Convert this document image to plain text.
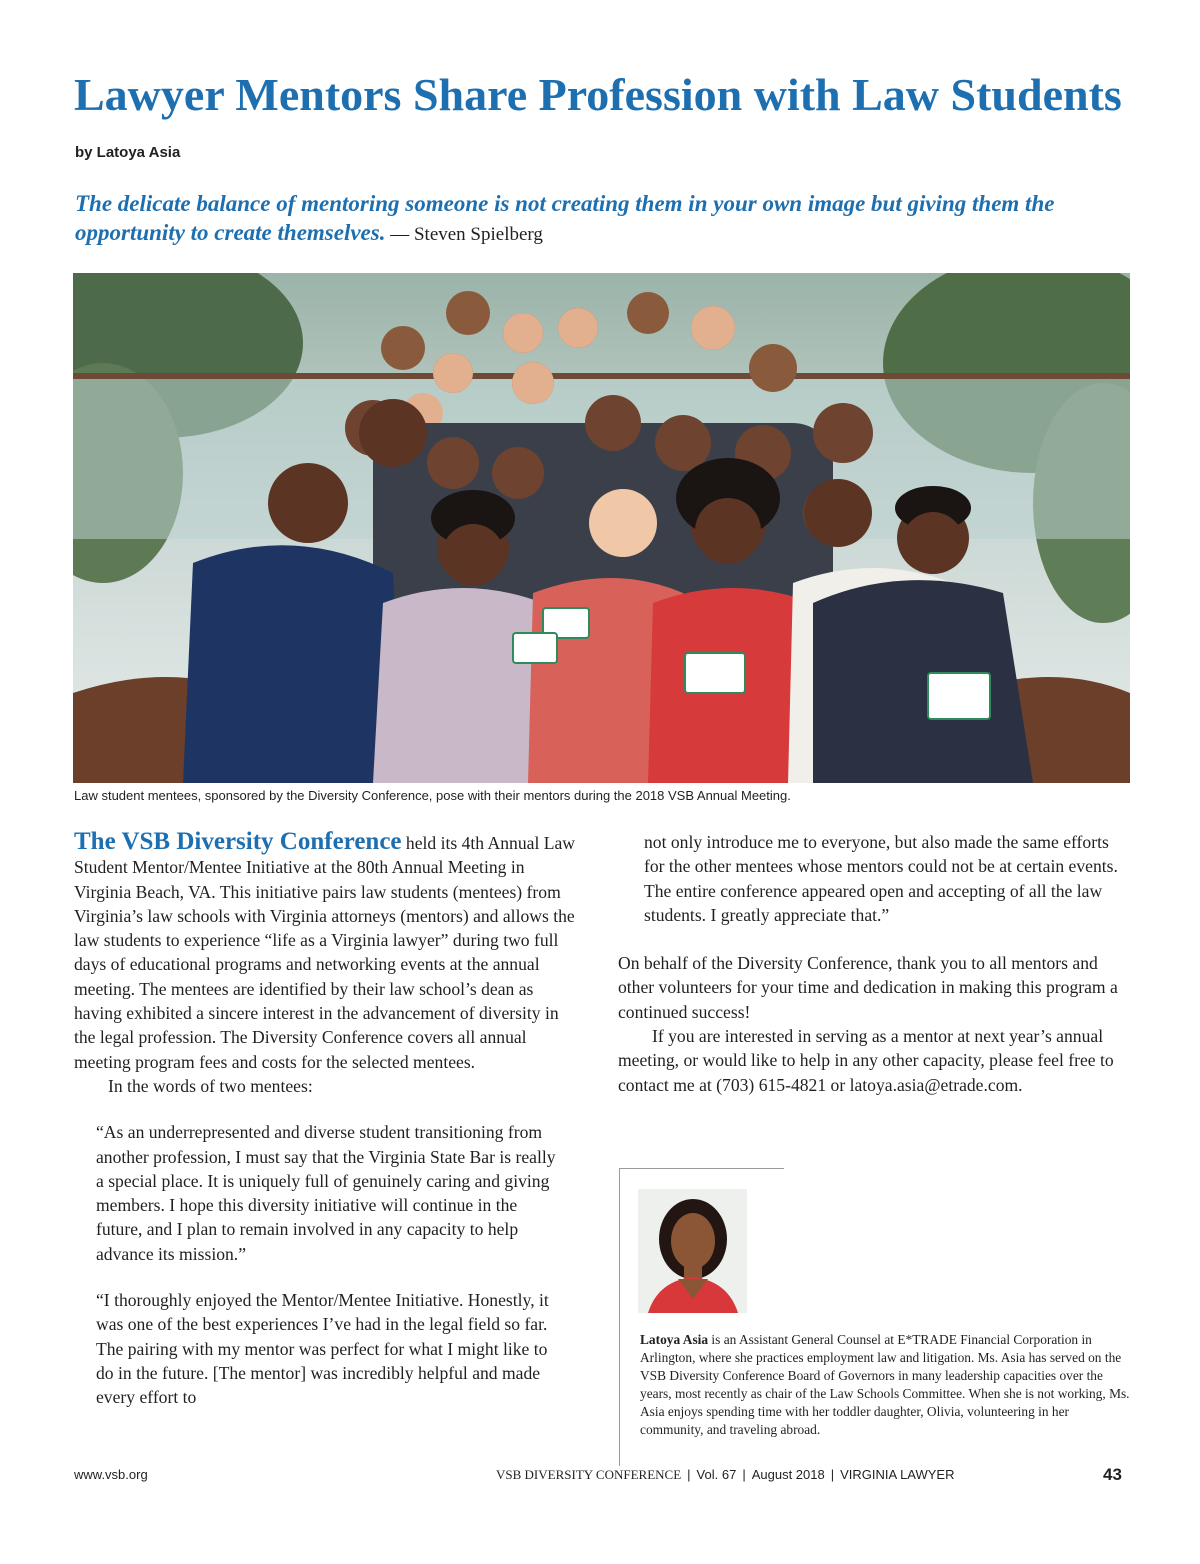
Lawyer Mentors Share Profession with Law Students
by Latoya Asia
The delicate balance of mentoring someone is not creating them in your own image but giving them the opportunity to create themselves. — Steven Spielberg
Law student mentees, sponsored by the Diversity Conference, pose with their mentors during the 2018 VSB Annual Meeting.

The VSB Diversity Conference held its 4th Annual Law Student Mentor/Mentee Initiative at the 80th Annual Meeting in Virginia Beach, VA. This initiative pairs law students (mentees) from Virginia’s law schools with Virginia attorneys (mentors) and allows the law students to experience “life as a Virginia lawyer” during two full days of educational programs and networking events at the annual meeting. The mentees are identified by their law school’s dean as having exhibited a sincere interest in the advancement of diversity in the legal profession. The Diversity Conference covers all annual meeting program fees and costs for the selected mentees.

In the words of two mentees:

“As an underrepresented and diverse student transitioning from another profession, I must say that the Virginia State Bar is really a special place. It is uniquely full of genuinely caring and giving members. I hope this diversity initiative will continue in the future, and I plan to remain involved in any capacity to help advance its mission.”

“I thoroughly enjoyed the Mentor/Mentee Initiative. Honestly, it was one of the best experiences I’ve had in the legal field so far. The pairing with my mentor was perfect for what I might like to do in the future. [The mentor] was incredibly helpful and made every effort to

not only introduce me to everyone, but also made the same efforts for the other mentees whose mentors could not be at certain events. The entire conference appeared open and accepting of all the law students. I greatly appreciate that.”

On behalf of the Diversity Conference, thank you to all mentors and other volunteers for your time and dedication in making this program a continued success!

If you are interested in serving as a mentor at next year’s annual meeting, or would like to help in any other capacity, please feel free to contact me at (703) 615-4821 or latoya.asia@etrade.com.

Latoya Asia is an Assistant General Counsel at E*TRADE Financial Corporation in Arlington, where she practices employment law and litigation. Ms. Asia has served on the VSB Diversity Conference Board of Governors in many leadership capacities over the years, most recently as chair of the Law Schools Committee. When she is not working, Ms. Asia enjoys spending time with her toddler daughter, Olivia, volunteering in her community, and traveling abroad.
www.vsb.org	VSB DIVERSITY CONFERENCE | Vol. 67 | August 2018 | VIRGINIA LAWYER	43
